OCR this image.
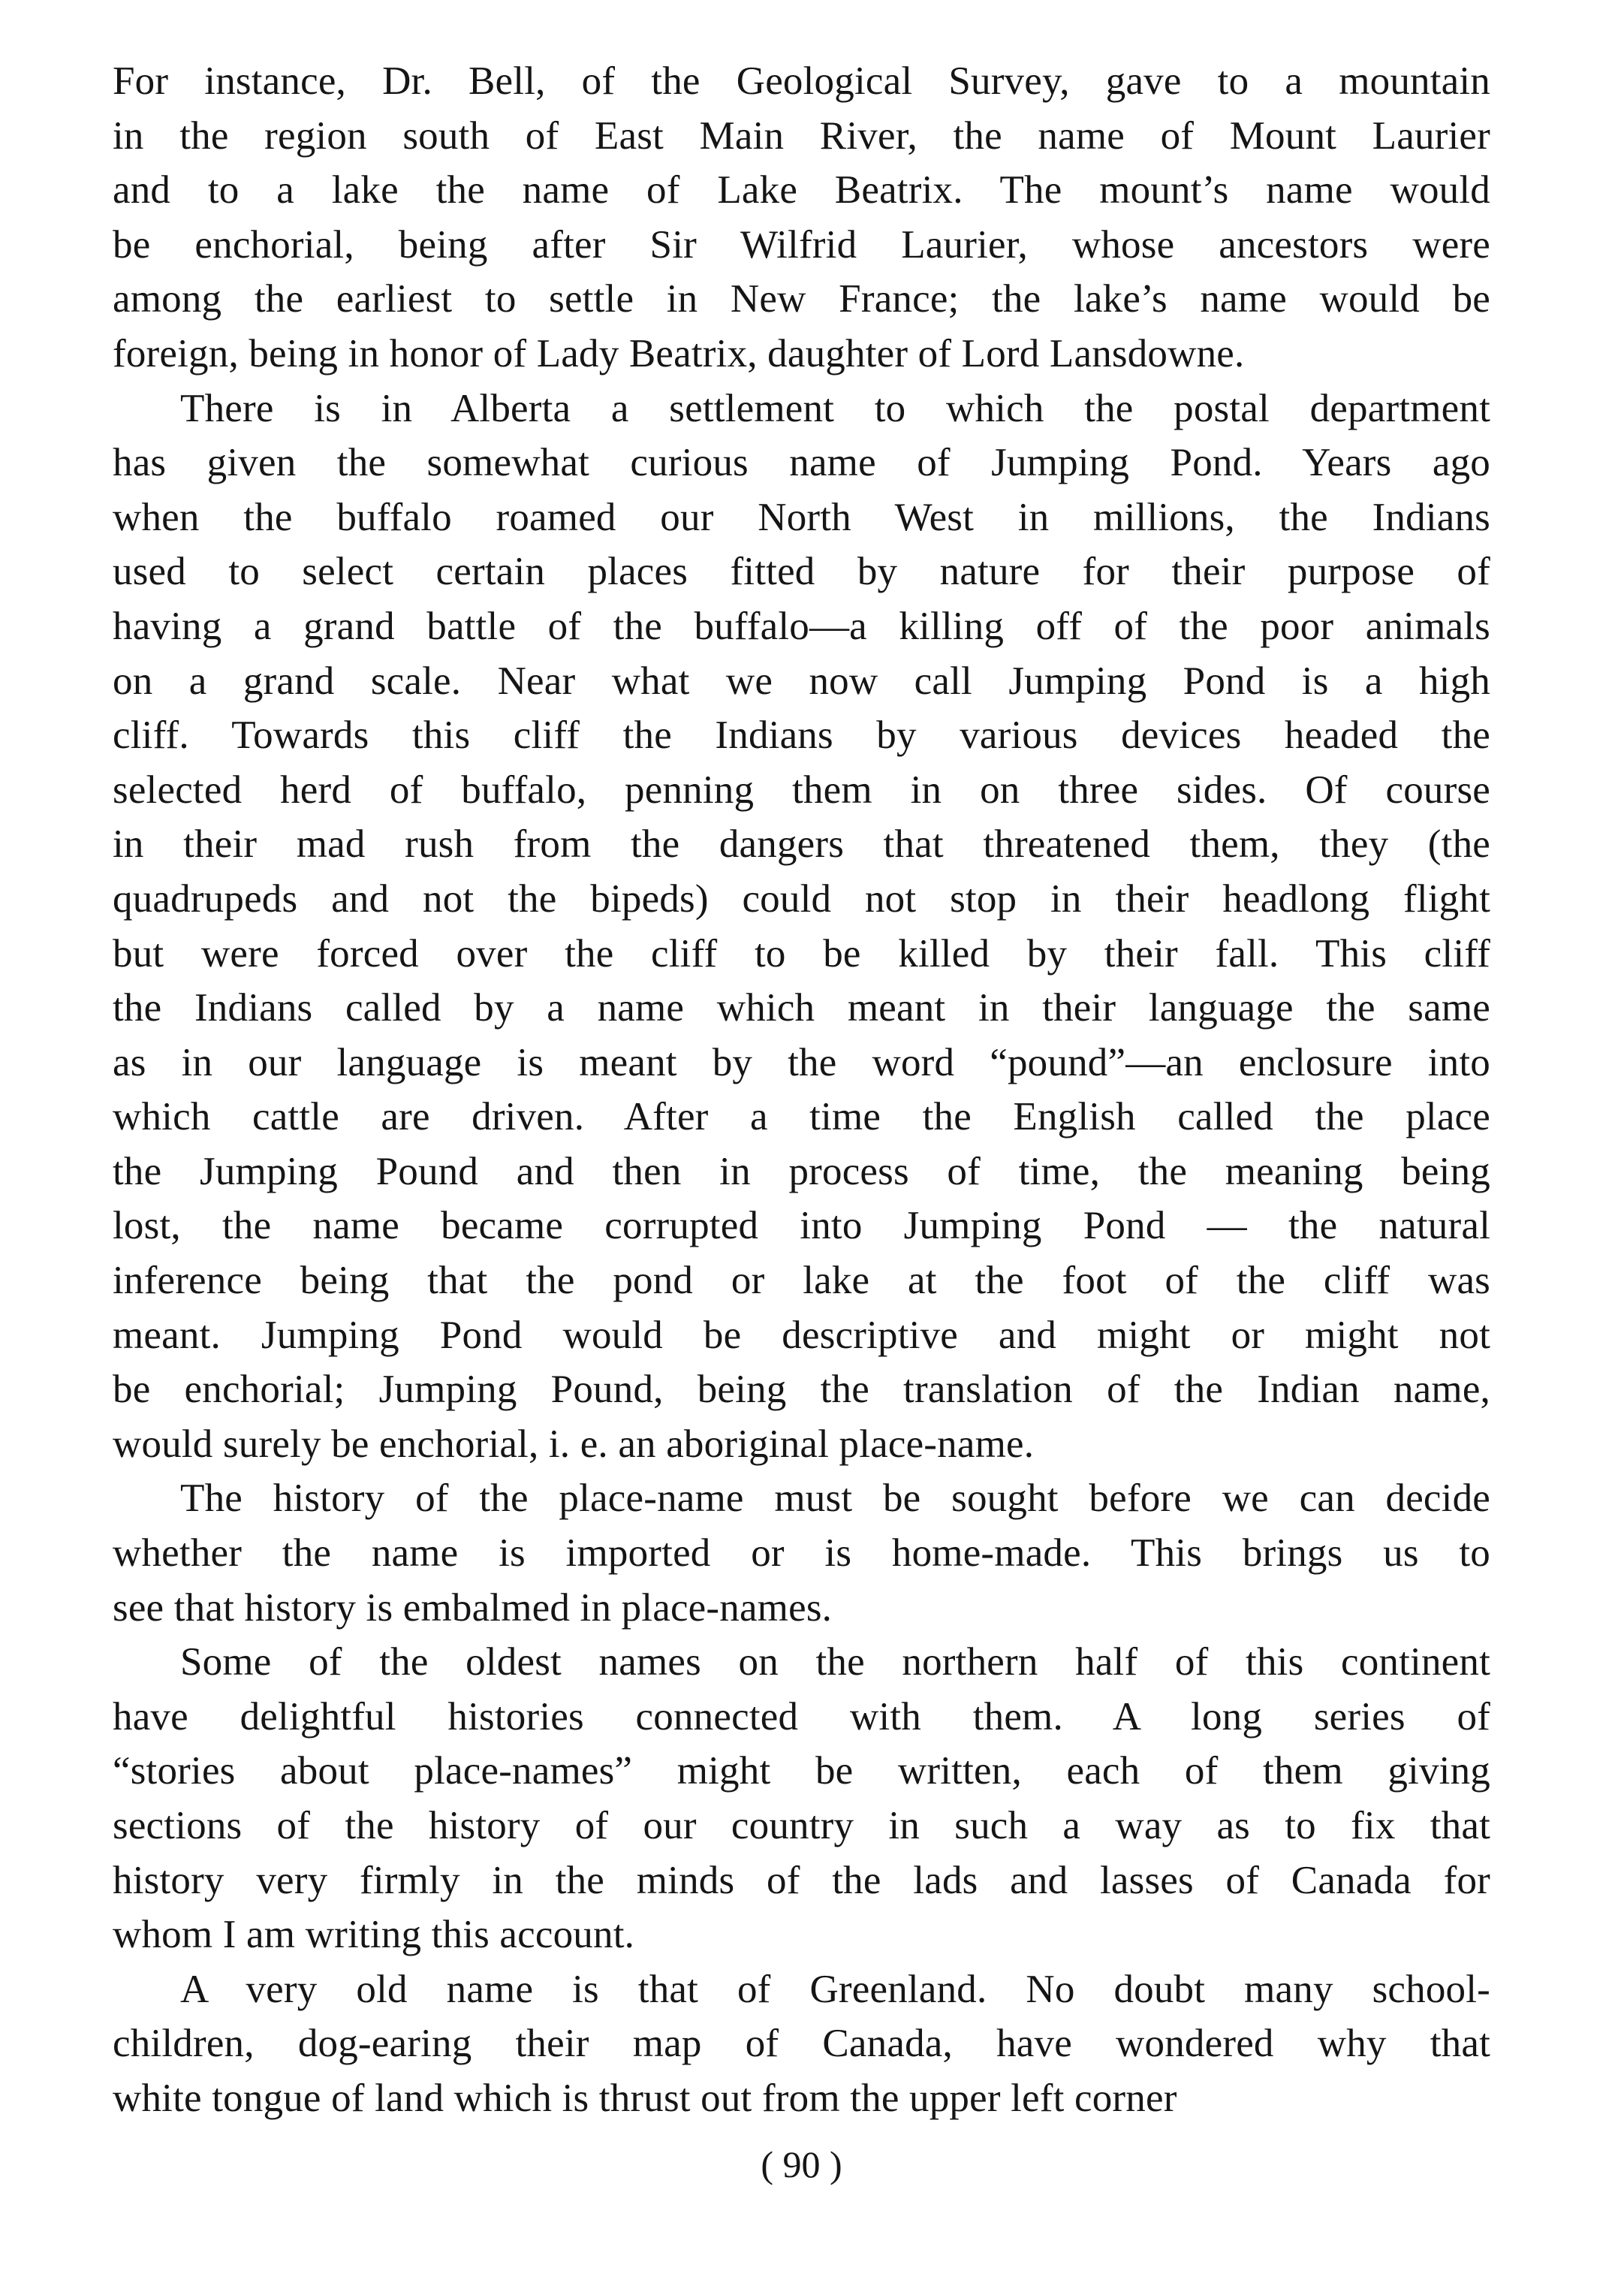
For instance, Dr. Bell, of the Geological Survey, gave to a mountain
in the region south of East Main River, the name of Mount Laurier
and to a lake the name of Lake Beatrix. The mount’s name would
be enchorial, being after Sir Wilfrid Laurier, whose ancestors were
among the earliest to settle in New France; the lake’s name would be
foreign, being in honor of Lady Beatrix, daughter of Lord Lansdowne.
There is in Alberta a settlement to which the postal department
has given the somewhat curious name of Jumping Pond. Years ago
when the buffalo roamed our North West in millions, the Indians
used to select certain places fitted by nature for their purpose of
having a grand battle of the buffalo—a killing off of the poor animals
on a grand scale. Near what we now call Jumping Pond is a high
cliff. Towards this cliff the Indians by various devices headed the
selected herd of buffalo, penning them in on three sides. Of course
in their mad rush from the dangers that threatened them, they (the
quadrupeds and not the bipeds) could not stop in their headlong flight
but were forced over the cliff to be killed by their fall. This cliff
the Indians called by a name which meant in their language the same
as in our language is meant by the word “pound”—an enclosure into
which cattle are driven. After a time the English called the place
the Jumping Pound and then in process of time, the meaning being
lost, the name became corrupted into Jumping Pond — the natural
inference being that the pond or lake at the foot of the cliff was
meant. Jumping Pond would be descriptive and might or might not
be enchorial; Jumping Pound, being the translation of the Indian name,
would surely be enchorial, i. e. an aboriginal place-name.
The history of the place-name must be sought before we can decide
whether the name is imported or is home-made. This brings us to
see that history is embalmed in place-names.
Some of the oldest names on the northern half of this continent
have delightful histories connected with them. A long series of
“stories about place-names” might be written, each of them giving
sections of the history of our country in such a way as to fix that
history very firmly in the minds of the lads and lasses of Canada for
whom I am writing this account.
A very old name is that of Greenland. No doubt many school-
children, dog-earing their map of Canada, have wondered why that
white tongue of land which is thrust out from the upper left corner
( 90 )
